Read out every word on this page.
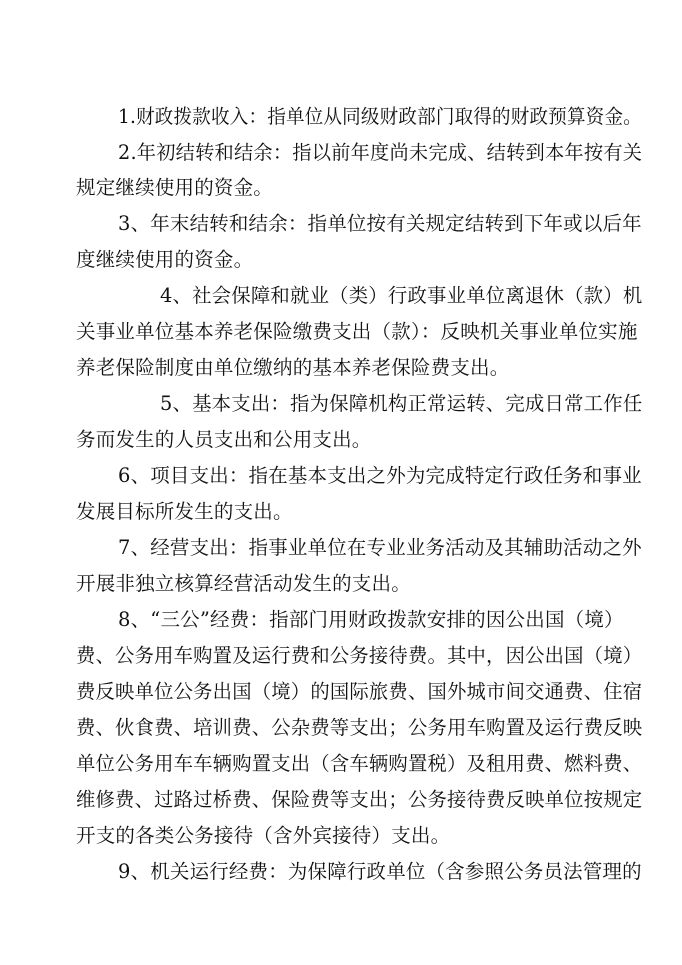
1.财政拨款收入：指单位从同级财政部门取得的财政预算资金。
2.年初结转和结余：指以前年度尚未完成、结转到本年按有关
规定继续使用的资金。
3、年末结转和结余：指单位按有关规定结转到下年或以后年
度继续使用的资金。
4、社会保障和就业（类）行政事业单位离退休（款）机
关事业单位基本养老保险缴费支出（款）：反映机关事业单位实施
养老保险制度由单位缴纳的基本养老保险费支出。
5、基本支出：指为保障机构正常运转、完成日常工作任
务而发生的人员支出和公用支出。
6、项目支出：指在基本支出之外为完成特定行政任务和事业
发展目标所发生的支出。
7、经营支出：指事业单位在专业业务活动及其辅助活动之外
开展非独立核算经营活动发生的支出。
8、“三公”经费：指部门用财政拨款安排的因公出国（境）
费、公务用车购置及运行费和公务接待费。其中，因公出国（境）
费反映单位公务出国（境）的国际旅费、国外城市间交通费、住宿
费、伙食费、培训费、公杂费等支出；公务用车购置及运行费反映
单位公务用车车辆购置支出（含车辆购置税）及租用费、燃料费、
维修费、过路过桥费、保险费等支出；公务接待费反映单位按规定
开支的各类公务接待（含外宾接待）支出。
9、机关运行经费：为保障行政单位（含参照公务员法管理的
